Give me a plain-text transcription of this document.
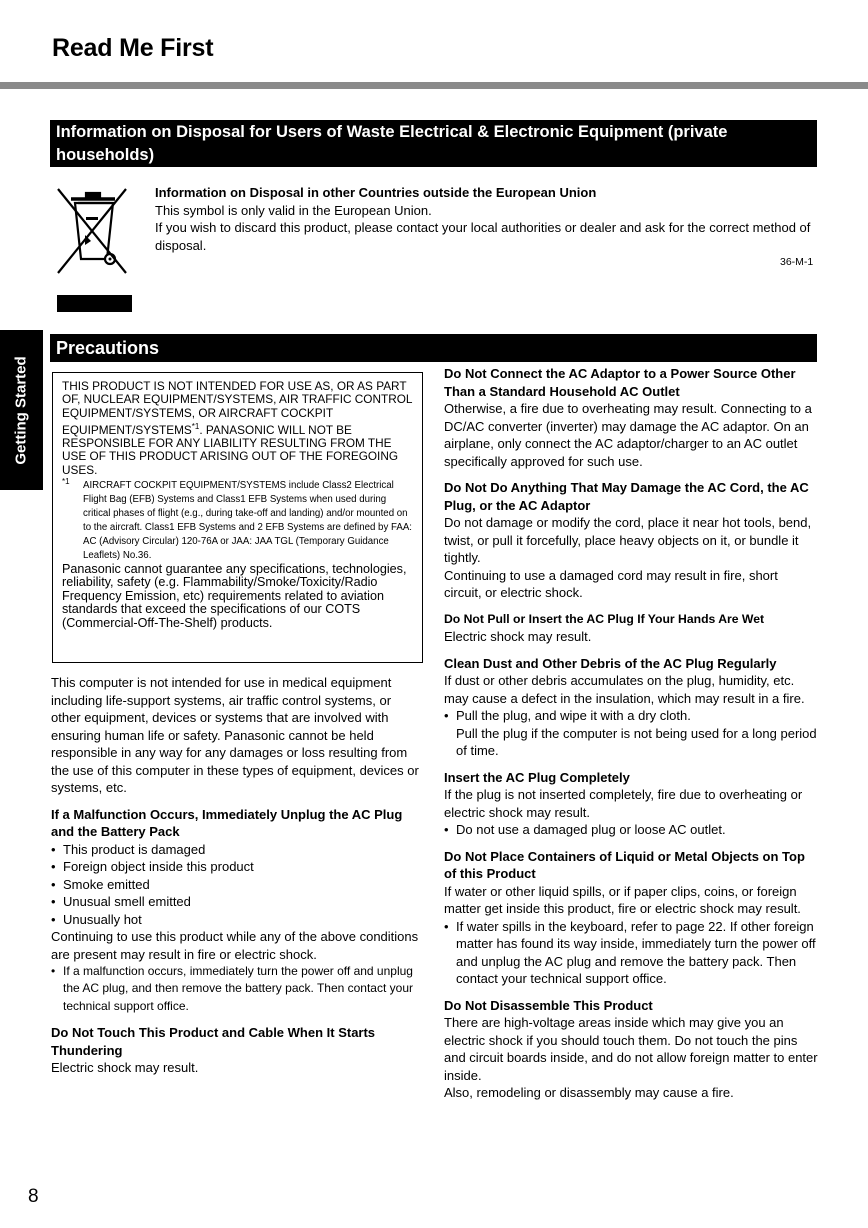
Read Me First
Getting Started
Information on Disposal for Users of Waste Electrical & Electronic Equipment (private households)
Information on Disposal in other Countries outside the European Union
This symbol is only valid in the European Union.
If you wish to discard this product, please contact your local authorities or dealer and ask for the correct method of disposal.
36-M-1
Precautions

THIS PRODUCT IS NOT INTENDED FOR USE AS, OR AS PART OF, NUCLEAR EQUIPMENT/SYSTEMS, AIR TRAFFIC CONTROL EQUIPMENT/SYSTEMS, OR AIRCRAFT COCKPIT EQUIPMENT/SYSTEMS$^{*1}$. PANASONIC WILL NOT BE RESPONSIBLE FOR ANY LIABILITY RESULTING FROM THE USE OF THIS PRODUCT ARISING OUT OF THE FOREGOING USES.

*1 AIRCRAFT COCKPIT EQUIPMENT/SYSTEMS include Class2 Electrical Flight Bag (EFB) Systems and Class1 EFB Systems when used during critical phases of flight (e.g., during take-off and landing) and/or mounted on to the aircraft. Class1 EFB Systems and 2 EFB Systems are defined by FAA: AC (Advisory Circular) 120-76A or JAA: JAA TGL (Temporary Guidance Leaflets) No.36.

Panasonic cannot guarantee any specifications, technologies, reliability, safety (e.g. Flammability/Smoke/Toxicity/Radio Frequency Emission, etc) requirements related to aviation standards that exceed the specifications of our COTS (Commercial-Off-The-Shelf) products.

This computer is not intended for use in medical equipment including life-support systems, air traffic control systems, or other equipment, devices or systems that are involved with ensuring human life or safety. Panasonic cannot be held responsible in any way for any damages or loss resulting from the use of this computer in these types of equipment, devices or systems, etc.

If a Malfunction Occurs, Immediately Unplug the AC Plug and the Battery Pack

• This product is damaged
• Foreign object inside this product
• Smoke emitted
• Unusual smell emitted
• Unusually hot

Continuing to use this product while any of the above conditions are present may result in fire or electric shock.

• If a malfunction occurs, immediately turn the power off and unplug the AC plug, and then remove the battery pack. Then contact your technical support office.

Do Not Touch This Product and Cable When It Starts Thundering

Electric shock may result.

Do Not Connect the AC Adaptor to a Power Source Other Than a Standard Household AC Outlet

Otherwise, a fire due to overheating may result. Connecting to a DC/AC converter (inverter) may damage the AC adaptor. On an airplane, only connect the AC adaptor/charger to an AC outlet specifically approved for such use.

Do Not Do Anything That May Damage the AC Cord, the AC Plug, or the AC Adaptor

Do not damage or modify the cord, place it near hot tools, bend, twist, or pull it forcefully, place heavy objects on it, or bundle it tightly.

Continuing to use a damaged cord may result in fire, short circuit, or electric shock.

Do Not Pull or Insert the AC Plug If Your Hands Are Wet

Electric shock may result.

Clean Dust and Other Debris of the AC Plug Regularly

If dust or other debris accumulates on the plug, humidity, etc. may cause a defect in the insulation, which may result in a fire.

• Pull the plug, and wipe it with a dry cloth.
Pull the plug if the computer is not being used for a long period of time.

Insert the AC Plug Completely

If the plug is not inserted completely, fire due to overheating or electric shock may result.

• Do not use a damaged plug or loose AC outlet.

Do Not Place Containers of Liquid or Metal Objects on Top of this Product

If water or other liquid spills, or if paper clips, coins, or foreign matter get inside this product, fire or electric shock may result.

• If water spills in the keyboard, refer to page 22. If other foreign matter has found its way inside, immediately turn the power off and unplug the AC plug and remove the battery pack. Then contact your technical support office.

Do Not Disassemble This Product

There are high-voltage areas inside which may give you an electric shock if you should touch them. Do not touch the pins and circuit boards inside, and do not allow foreign matter to enter inside.

Also, remodeling or disassembly may cause a fire.

8
